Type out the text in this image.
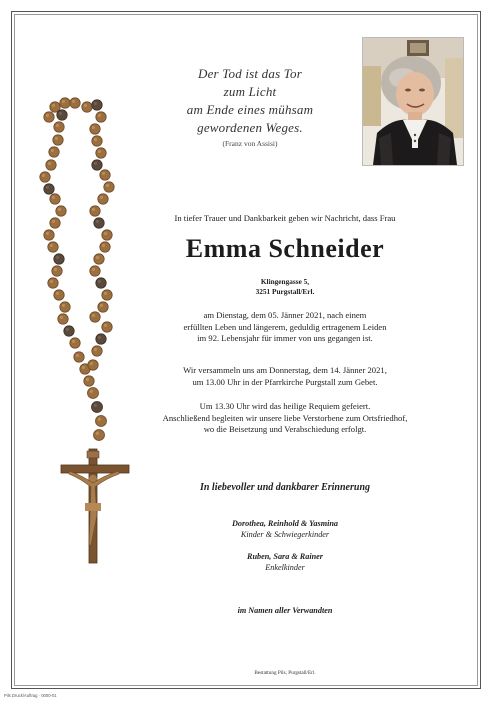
Der Tod ist das Tor
zum Licht
am Ende eines mühsam
gewordenen Weges.
(Franz von Assisi)
In tiefer Trauer und Dankbarkeit geben wir Nachricht, dass Frau
Emma Schneider
Klingengasse 5,
3251 Purgstall/Erl.
am Dienstag, dem 05. Jänner 2021, nach einem
erfüllten Leben und längerem, geduldig ertragenem Leiden
im 92. Lebensjahr für immer von uns gegangen ist.
Wir versammeln uns am Donnerstag, dem 14. Jänner 2021,
um 13.00 Uhr in der Pfarrkirche Purgstall zum Gebet.
Um 13.30 Uhr wird das heilige Requiem gefeiert.
Anschließend begleiten wir unsere liebe Verstorbene zum Ortsfriedhof,
wo die Beisetzung und Verabschiedung erfolgt.
In liebevoller und dankbarer Erinnerung
Dorothea, Reinhold & Yasmina
Kinder & Schwiegerkinder
Ruben, Sara & Rainer
Enkelkinder
im Namen aller Verwandten
Bestattung Pils, Purgstall/Erl.
Pils Druck/Auftrag · 0000-01
